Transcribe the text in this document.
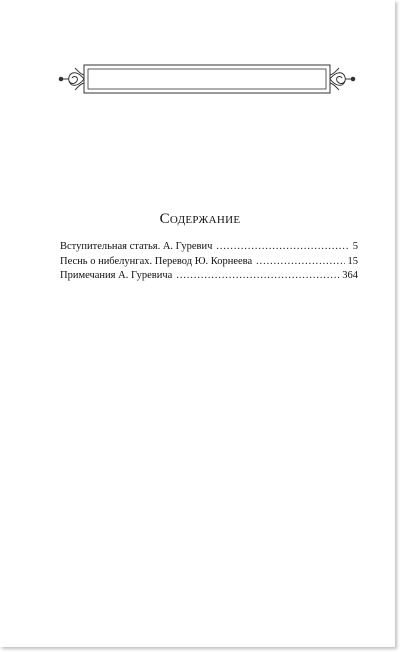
Содержание
Вступительная статья. А. Гуревич .....	5
Песнь о нибелунгах. Перевод Ю. Корнеева .....	15
Примечания А. Гуревича .....	364
